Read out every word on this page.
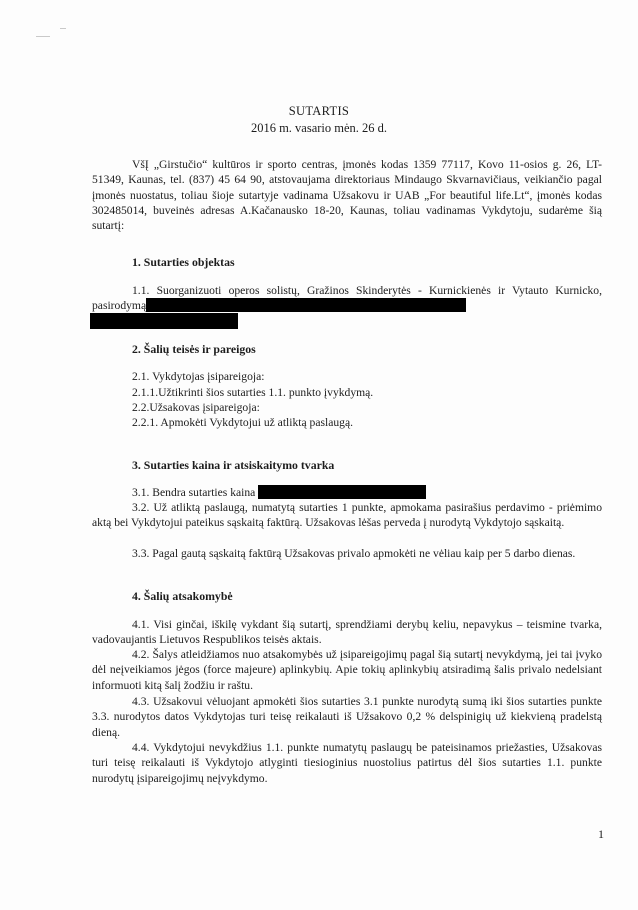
SUTARTIS
2016 m. vasario mėn. 26 d.
VšĮ „Girstučio“ kultūros ir sporto centras, įmonės kodas 1359 77117, Kovo 11-osios g. 26, LT-51349, Kaunas, tel. (837) 45 64 90, atstovaujama direktoriaus Mindaugo Skvarnavičiaus, veikiančio pagal įmonės nuostatus, toliau šioje sutartyje vadinama Užsakovu ir UAB „For beautiful life.Lt“, įmonės kodas 302485014, buveinės adresas A.Kačanausko 18-20, Kaunas, toliau vadinamas Vykdytoju, sudarėme šią sutartį:
1. Sutarties objektas
1.1. Suorganizuoti operos solistų, Gražinos Skinderytės - Kurnickienės ir Vytauto Kurnicko, pasirodymą
2. Šalių teisės ir pareigos
2.1. Vykdytojas įsipareigoja:
2.1.1.Užtikrinti šios sutarties 1.1. punkto įvykdymą.
2.2.Užsakovas įsipareigoja:
2.2.1. Apmokėti Vykdytojui už atliktą paslaugą.
3. Sutarties kaina ir atsiskaitymo tvarka
3.1. Bendra sutarties kaina
3.2. Už atliktą paslaugą, numatytą sutarties 1 punkte, apmokama pasirašius perdavimo - priėmimo aktą bei Vykdytojui pateikus sąskaitą faktūrą. Užsakovas lėšas perveda į nurodytą Vykdytojo sąskaitą.
3.3. Pagal gautą sąskaitą faktūrą Užsakovas privalo apmokėti ne vėliau kaip per 5 darbo dienas.
4. Šalių atsakomybė
4.1. Visi ginčai, iškilę vykdant šią sutartį, sprendžiami derybų keliu, nepavykus – teismine tvarka, vadovaujantis Lietuvos Respublikos teisės aktais.
4.2. Šalys atleidžiamos nuo atsakomybės už įsipareigojimų pagal šią sutartį nevykdymą, jei tai įvyko dėl neįveikiamos jėgos (force majeure) aplinkybių. Apie tokių aplinkybių atsiradimą šalis privalo nedelsiant informuoti kitą šalį žodžiu ir raštu.
4.3. Užsakovui vėluojant apmokėti šios sutarties 3.1 punkte nurodytą sumą iki šios sutarties punkte 3.3. nurodytos datos Vykdytojas turi teisę reikalauti iš Užsakovo 0,2 % delspinigių už kiekvieną pradelstą dieną.
4.4. Vykdytojui nevykdžius 1.1. punkte numatytų paslaugų be pateisinamos priežasties, Užsakovas turi teisę reikalauti iš Vykdytojo atlyginti tiesioginius nuostolius patirtus dėl šios sutarties 1.1. punkte nurodytų įsipareigojimų neįvykdymo.
1
